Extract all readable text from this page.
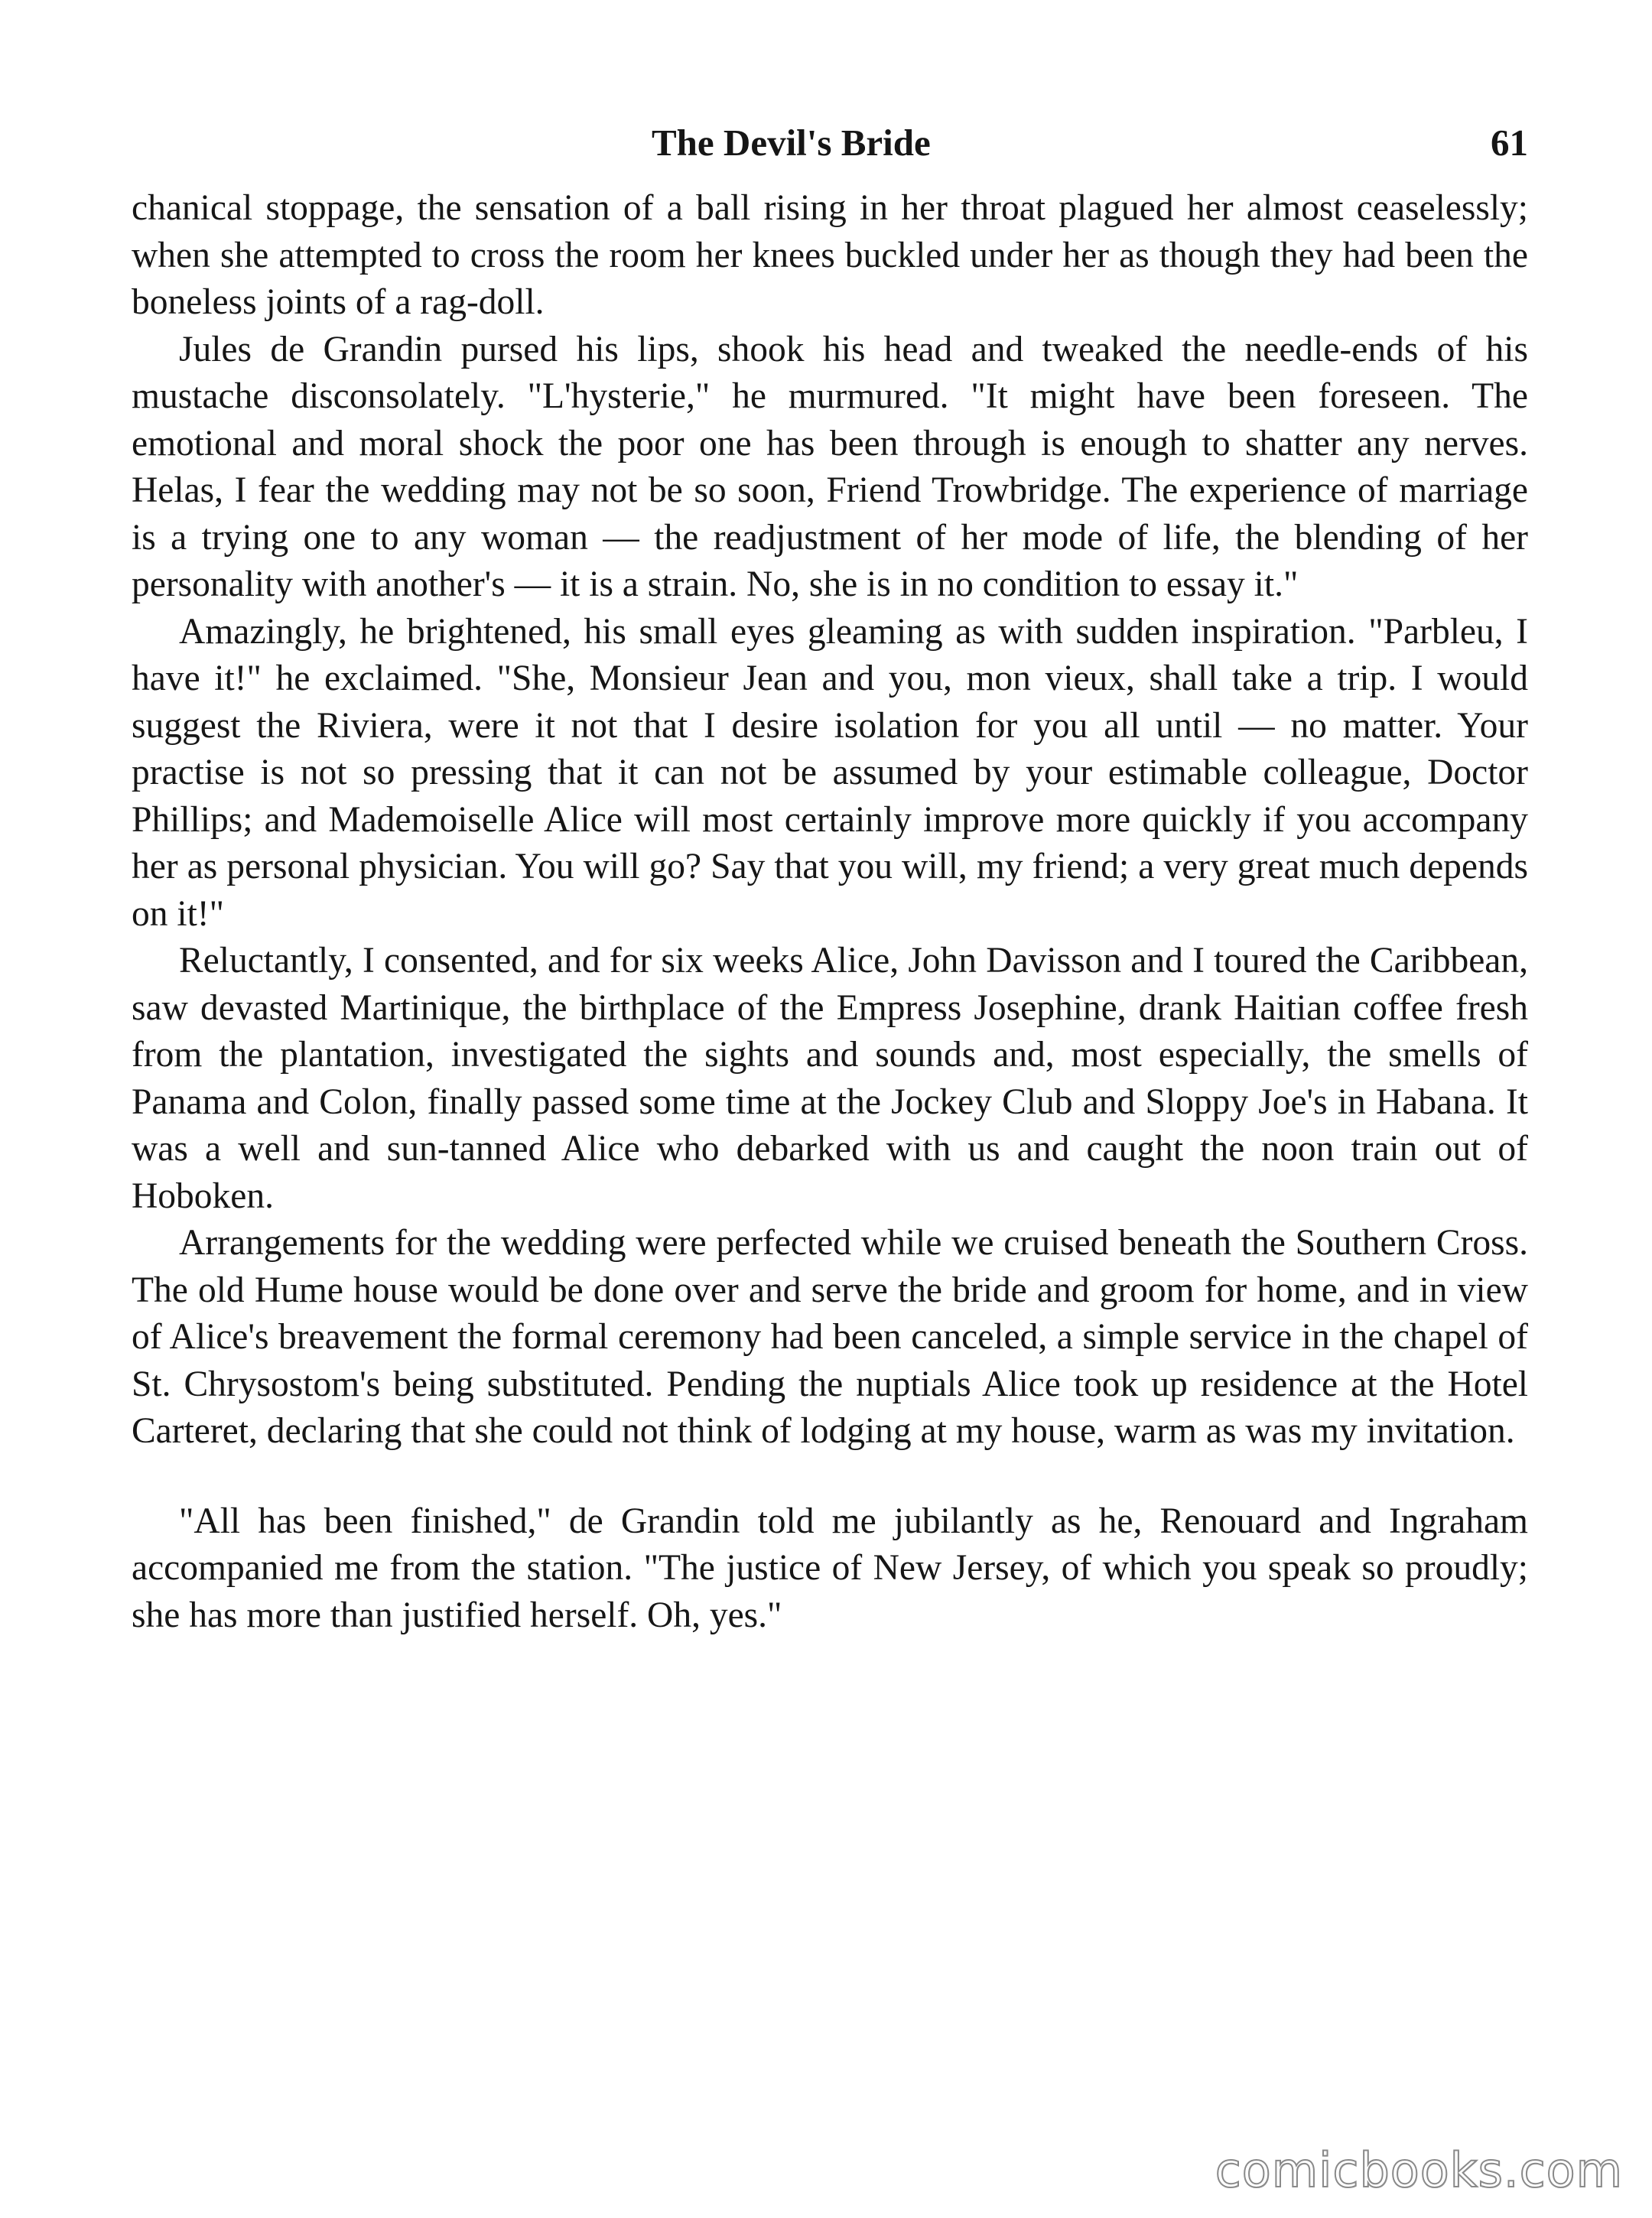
The Devil's Bride	61

chanical stoppage, the sensation of a ball rising in her throat plagued her almost ceaselessly; when she attempted to cross the room her knees buckled under her as though they had been the boneless joints of a rag-doll.

Jules de Grandin pursed his lips, shook his head and tweaked the needle-ends of his mustache disconsolately. "L'hysterie," he murmured. "It might have been foreseen. The emotional and moral shock the poor one has been through is enough to shatter any nerves. Helas, I fear the wedding may not be so soon, Friend Trowbridge. The experience of marriage is a trying one to any woman — the readjustment of her mode of life, the blending of her personality with another's — it is a strain. No, she is in no condition to essay it."

Amazingly, he brightened, his small eyes gleaming as with sudden inspiration. "Parbleu, I have it!" he exclaimed. "She, Monsieur Jean and you, mon vieux, shall take a trip. I would suggest the Riviera, were it not that I desire isolation for you all until — no matter. Your practise is not so pressing that it can not be assumed by your estimable colleague, Doctor Phillips; and Mademoiselle Alice will most certainly improve more quickly if you accompany her as personal physician. You will go? Say that you will, my friend; a very great much depends on it!"

Reluctantly, I consented, and for six weeks Alice, John Davisson and I toured the Caribbean, saw devasted Martinique, the birthplace of the Empress Josephine, drank Haitian coffee fresh from the plantation, investigated the sights and sounds and, most especially, the smells of Panama and Colon, finally passed some time at the Jockey Club and Sloppy Joe's in Habana. It was a well and sun-tanned Alice who debarked with us and caught the noon train out of Hoboken.

Arrangements for the wedding were perfected while we cruised beneath the Southern Cross. The old Hume house would be done over and serve the bride and groom for home, and in view of Alice's breavement the formal ceremony had been canceled, a simple service in the chapel of St. Chrysostom's being substituted. Pending the nuptials Alice took up residence at the Hotel Carteret, declaring that she could not think of lodging at my house, warm as was my invitation.

"All has been finished," de Grandin told me jubilantly as he, Renouard and Ingraham accompanied me from the station. "The justice of New Jersey, of which you speak so proudly; she has more than justified herself. Oh, yes."

comicbooks.com
